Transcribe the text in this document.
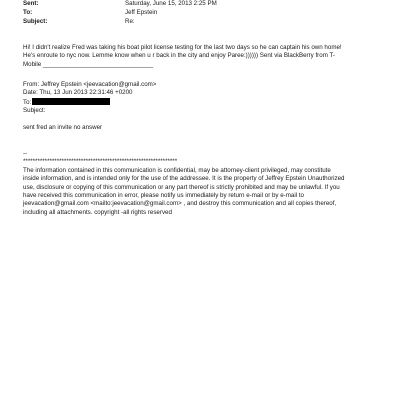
Sent:	Saturday, June 15, 2013 2:25 PM
To:	Jeff Epstein
Subject:	Re:
Hi! I didn't realize Fred was taking his boat pilot license testing for the last two days so he can captain his own home!
He's enroute to nyc now. Lemme know when u r back in the city and enjoy Paree:)))))) Sent via BlackBerry from T-
Mobile ________________________________
From: Jeffrey Epstein <jeevacation@gmail.com>
Date: Thu, 13 Jun 2013 22:31:46 +0200
To:
Subject:
sent fred an invite no answer
--
****************************************************************
The information contained in this communication is confidential, may be attorney-client privileged, may constitute
inside information, and is intended only for the use of the addressee. It is the property of Jeffrey Epstein Unauthorized
use, disclosure or copying of this communication or any part thereof is strictly prohibited and may be unlawful. If you
have received this communication in error, please notify us immediately by return e-mail or by e-mail to
jeevacation@gmail.com <mailto:jeevacation@gmail.com> , and destroy this communication and all copies thereof,
including all attachments. copyright -all rights reserved
